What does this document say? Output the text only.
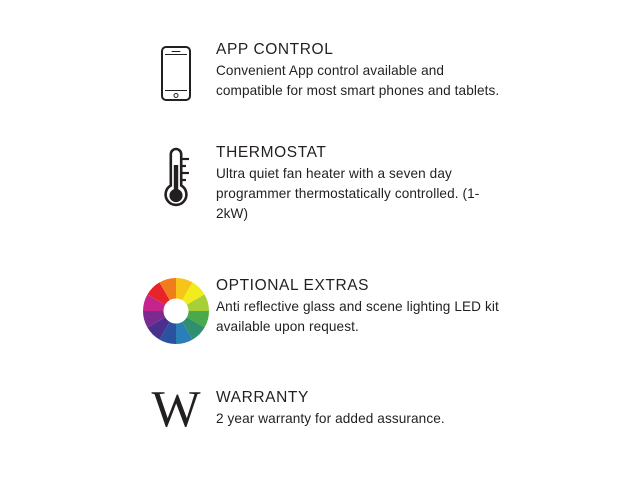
APP CONTROL

Convenient App control available and compatible for most smart phones and tablets.

THERMOSTAT

Ultra quiet fan heater with a seven day programmer thermostatically controlled. (1-2kW)

OPTIONAL EXTRAS

Anti reflective glass and scene lighting LED kit available upon request.

W WARRANTY

2 year warranty for added assurance.
